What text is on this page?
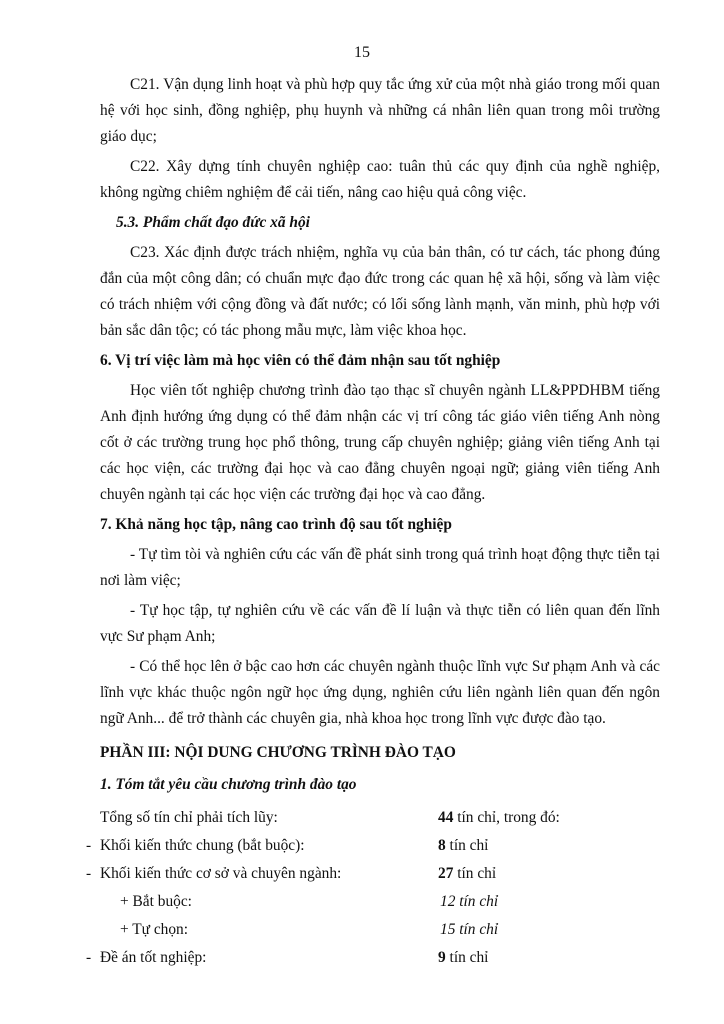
15

C21. Vận dụng linh hoạt và phù hợp quy tắc ứng xử của một nhà giáo trong mối quan hệ với học sinh, đồng nghiệp, phụ huynh và những cá nhân liên quan trong môi trường giáo dục;

C22. Xây dựng tính chuyên nghiệp cao: tuân thủ các quy định của nghề nghiệp, không ngừng chiêm nghiệm để cải tiến, nâng cao hiệu quả công việc.

5.3. Phẩm chất đạo đức xã hội

C23. Xác định được trách nhiệm, nghĩa vụ của bản thân, có tư cách, tác phong đúng đắn của một công dân; có chuẩn mực đạo đức trong các quan hệ xã hội, sống và làm việc có trách nhiệm với cộng đồng và đất nước; có lối sống lành mạnh, văn minh, phù hợp với bản sắc dân tộc; có tác phong mẫu mực, làm việc khoa học.

6. Vị trí việc làm mà học viên có thể đảm nhận sau tốt nghiệp

Học viên tốt nghiệp chương trình đào tạo thạc sĩ chuyên ngành LL&PPDHBM tiếng Anh định hướng ứng dụng có thể đảm nhận các vị trí công tác giáo viên tiếng Anh nòng cốt ở các trường trung học phổ thông, trung cấp chuyên nghiệp; giảng viên tiếng Anh tại các học viện, các trường đại học và cao đẳng chuyên ngoại ngữ; giảng viên tiếng Anh chuyên ngành tại các học viện các trường đại học và cao đẳng.

7. Khả năng học tập, nâng cao trình độ sau tốt nghiệp

- Tự tìm tòi và nghiên cứu các vấn đề phát sinh trong quá trình hoạt động thực tiễn tại nơi làm việc;

- Tự học tập, tự nghiên cứu về các vấn đề lí luận và thực tiễn có liên quan đến lĩnh vực Sư phạm Anh;

- Có thể học lên ở bậc cao hơn các chuyên ngành thuộc lĩnh vực Sư phạm Anh và các lĩnh vực khác thuộc ngôn ngữ học ứng dụng, nghiên cứu liên ngành liên quan đến ngôn ngữ Anh... để trở thành các chuyên gia, nhà khoa học trong lĩnh vực được đào tạo.

PHẦN III: NỘI DUNG CHƯƠNG TRÌNH ĐÀO TẠO
1. Tóm tắt yêu cầu chương trình đào tạo
Tổng số tín chỉ phải tích lũy:	44 tín chỉ, trong đó:
- Khối kiến thức chung (bắt buộc):	8 tín chỉ
- Khối kiến thức cơ sở và chuyên ngành:	27 tín chỉ
+ Bắt buộc:	12 tín chỉ
+ Tự chọn:	15 tín chỉ
- Đề án tốt nghiệp:	9 tín chỉ
